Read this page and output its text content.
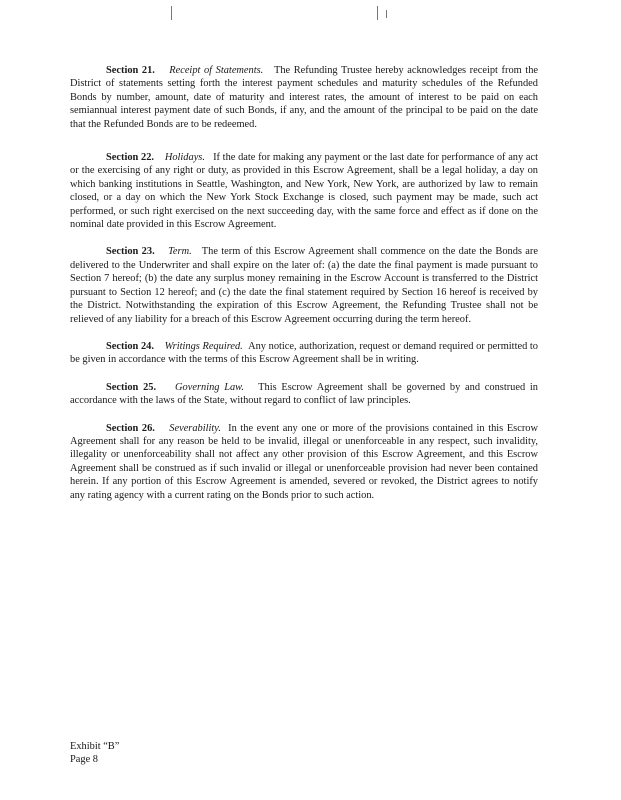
Section 21. Receipt of Statements. The Refunding Trustee hereby acknowledges receipt from the District of statements setting forth the interest payment schedules and maturity schedules of the Refunded Bonds by number, amount, date of maturity and interest rates, the amount of interest to be paid on each semiannual interest payment date of such Bonds, if any, and the amount of the principal to be paid on the date that the Refunded Bonds are to be redeemed.

Section 22. Holidays. If the date for making any payment or the last date for performance of any act or the exercising of any right or duty, as provided in this Escrow Agreement, shall be a legal holiday, a day on which banking institutions in Seattle, Washington, and New York, New York, are authorized by law to remain closed, or a day on which the New York Stock Exchange is closed, such payment may be made, such act performed, or such right exercised on the next succeeding day, with the same force and effect as if done on the nominal date provided in this Escrow Agreement.

Section 23. Term. The term of this Escrow Agreement shall commence on the date the Bonds are delivered to the Underwriter and shall expire on the later of: (a) the date the final payment is made pursuant to Section 7 hereof; (b) the date any surplus money remaining in the Escrow Account is transferred to the District pursuant to Section 12 hereof; and (c) the date the final statement required by Section 16 hereof is received by the District. Notwithstanding the expiration of this Escrow Agreement, the Refunding Trustee shall not be relieved of any liability for a breach of this Escrow Agreement occurring during the term hereof.

Section 24. Writings Required. Any notice, authorization, request or demand required or permitted to be given in accordance with the terms of this Escrow Agreement shall be in writing.

Section 25. Governing Law. This Escrow Agreement shall be governed by and construed in accordance with the laws of the State, without regard to conflict of law principles.

Section 26. Severability. In the event any one or more of the provisions contained in this Escrow Agreement shall for any reason be held to be invalid, illegal or unenforceable in any respect, such invalidity, illegality or unenforceability shall not affect any other provision of this Escrow Agreement, and this Escrow Agreement shall be construed as if such invalid or illegal or unenforceable provision had never been contained herein. If any portion of this Escrow Agreement is amended, severed or revoked, the District agrees to notify any rating agency with a current rating on the Bonds prior to such action.

Exhibit “B”
Page 8
